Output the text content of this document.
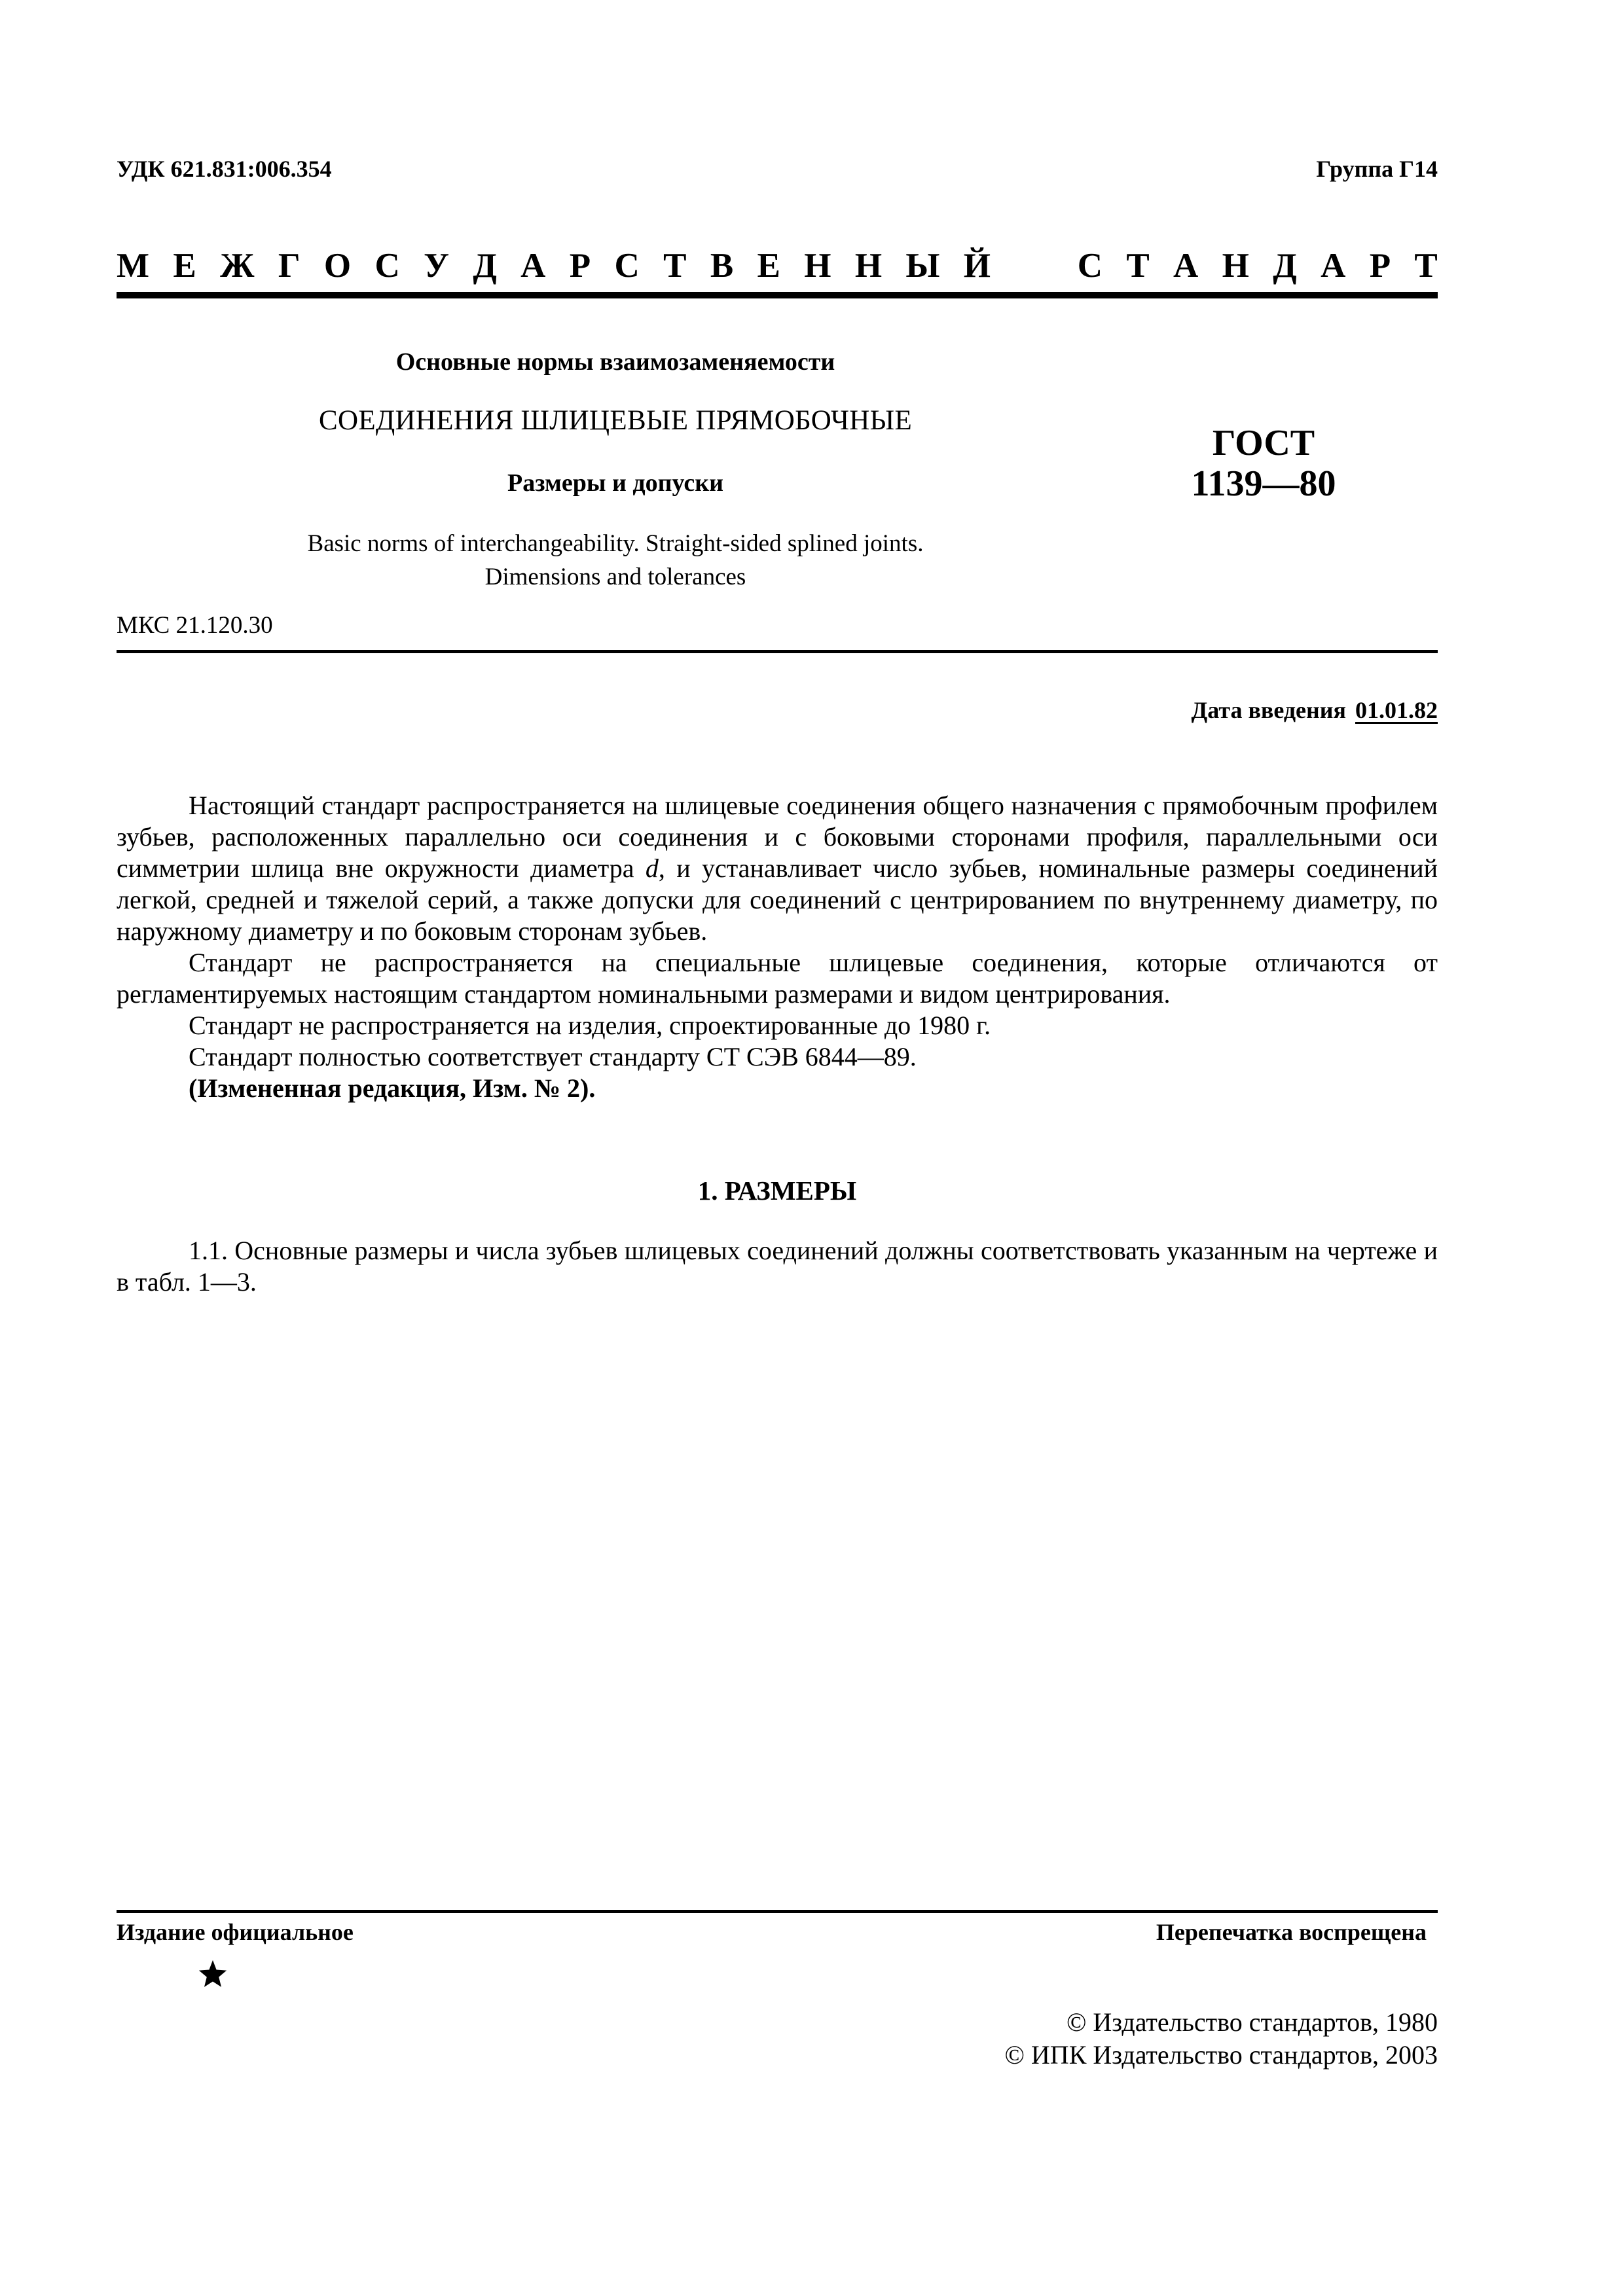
УДК 621.831:006.354	Группа Г14
М Е Ж Г О С У Д А Р С Т В Е Н Н Ы Й	С Т А Н Д А Р Т
Основные нормы взаимозаменяемости
СОЕДИНЕНИЯ ШЛИЦЕВЫЕ ПРЯМОБОЧНЫЕ
Размеры и допуски
Basic norms of interchangeability. Straight-sided splined joints.
Dimensions and tolerances
ГОСТ
1139—80
МКС 21.120.30
Дата введения 01.01.82

Настоящий стандарт распространяется на шлицевые соединения общего назначения с прямобочным профилем зубьев, расположенных параллельно оси соединения и с боковыми сторонами профиля, параллельными оси симметрии шлица вне окружности диаметра d, и устанавливает число зубьев, номинальные размеры соединений легкой, средней и тяжелой серий, а также допуски для соединений с центрированием по внутреннему диаметру, по наружному диаметру и по боковым сторонам зубьев.

Стандарт не распространяется на специальные шлицевые соединения, которые отличаются от регламентируемых настоящим стандартом номинальными размерами и видом центрирования.

Стандарт не распространяется на изделия, спроектированные до 1980 г.

Стандарт полностью соответствует стандарту СТ СЭВ 6844—89.

(Измененная редакция, Изм. № 2).

1. РАЗМЕРЫ

1.1. Основные размеры и числа зубьев шлицевых соединений должны соответствовать указанным на чертеже и в табл. 1—3.

Издание официальное	Перепечатка воспрещена
© Издательство стандартов, 1980
© ИПК Издательство стандартов, 2003
